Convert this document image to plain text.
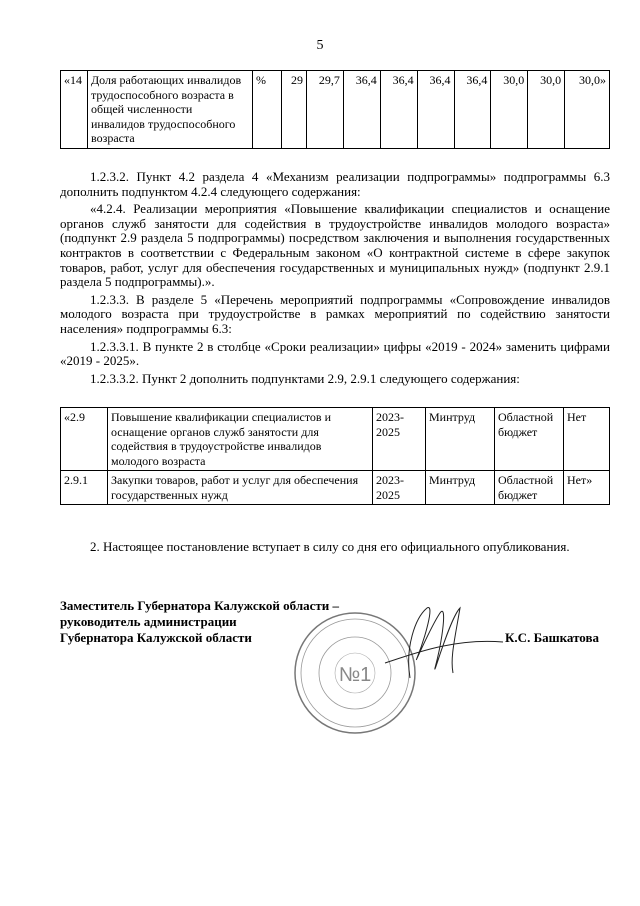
5
«14	Доля работающих инвалидов трудоспособного возраста в общей численности инвалидов трудоспособного возраста	%	29	29,7	36,4	36,4	36,4	36,4	30,0	30,0	30,0»
1.2.3.2. Пункт 4.2 раздела 4 «Механизм реализации подпрограммы» подпрограммы 6.3 дополнить подпунктом 4.2.4 следующего содержания:
«4.2.4. Реализации мероприятия «Повышение квалификации специалистов и оснащение органов служб занятости для содействия в трудоустройстве инвалидов молодого возраста» (подпункт 2.9 раздела 5 подпрограммы) посредством заключения и выполнения государственных контрактов в соответствии с Федеральным законом «О контрактной системе в сфере закупок товаров, работ, услуг для обеспечения государственных и муниципальных нужд» (подпункт 2.9.1 раздела 5 подпрограммы).».
1.2.3.3. В разделе 5 «Перечень мероприятий подпрограммы «Сопровождение инвалидов молодого возраста при трудоустройстве в рамках мероприятий по содействию занятости населения» подпрограммы 6.3:
1.2.3.3.1. В пункте 2 в столбце «Сроки реализации» цифры «2019 - 2024» заменить цифрами «2019 - 2025».
1.2.3.3.2. Пункт 2 дополнить подпунктами 2.9, 2.9.1 следующего содержания:
«2.9	Повышение квалификации специалистов и оснащение органов служб занятости для содействия в трудоустройстве инвалидов молодого возраста	2023-2025	Минтруд	Областной бюджет	Нет
2.9.1	Закупки товаров, работ и услуг для обеспечения государственных нужд	2023-2025	Минтруд	Областной бюджет	Нет»
2. Настоящее постановление вступает в силу со дня его официального опубликования.
Заместитель Губернатора Калужской области –
руководитель администрации
Губернатора Калужской области
№1
К.С. Башкатова
